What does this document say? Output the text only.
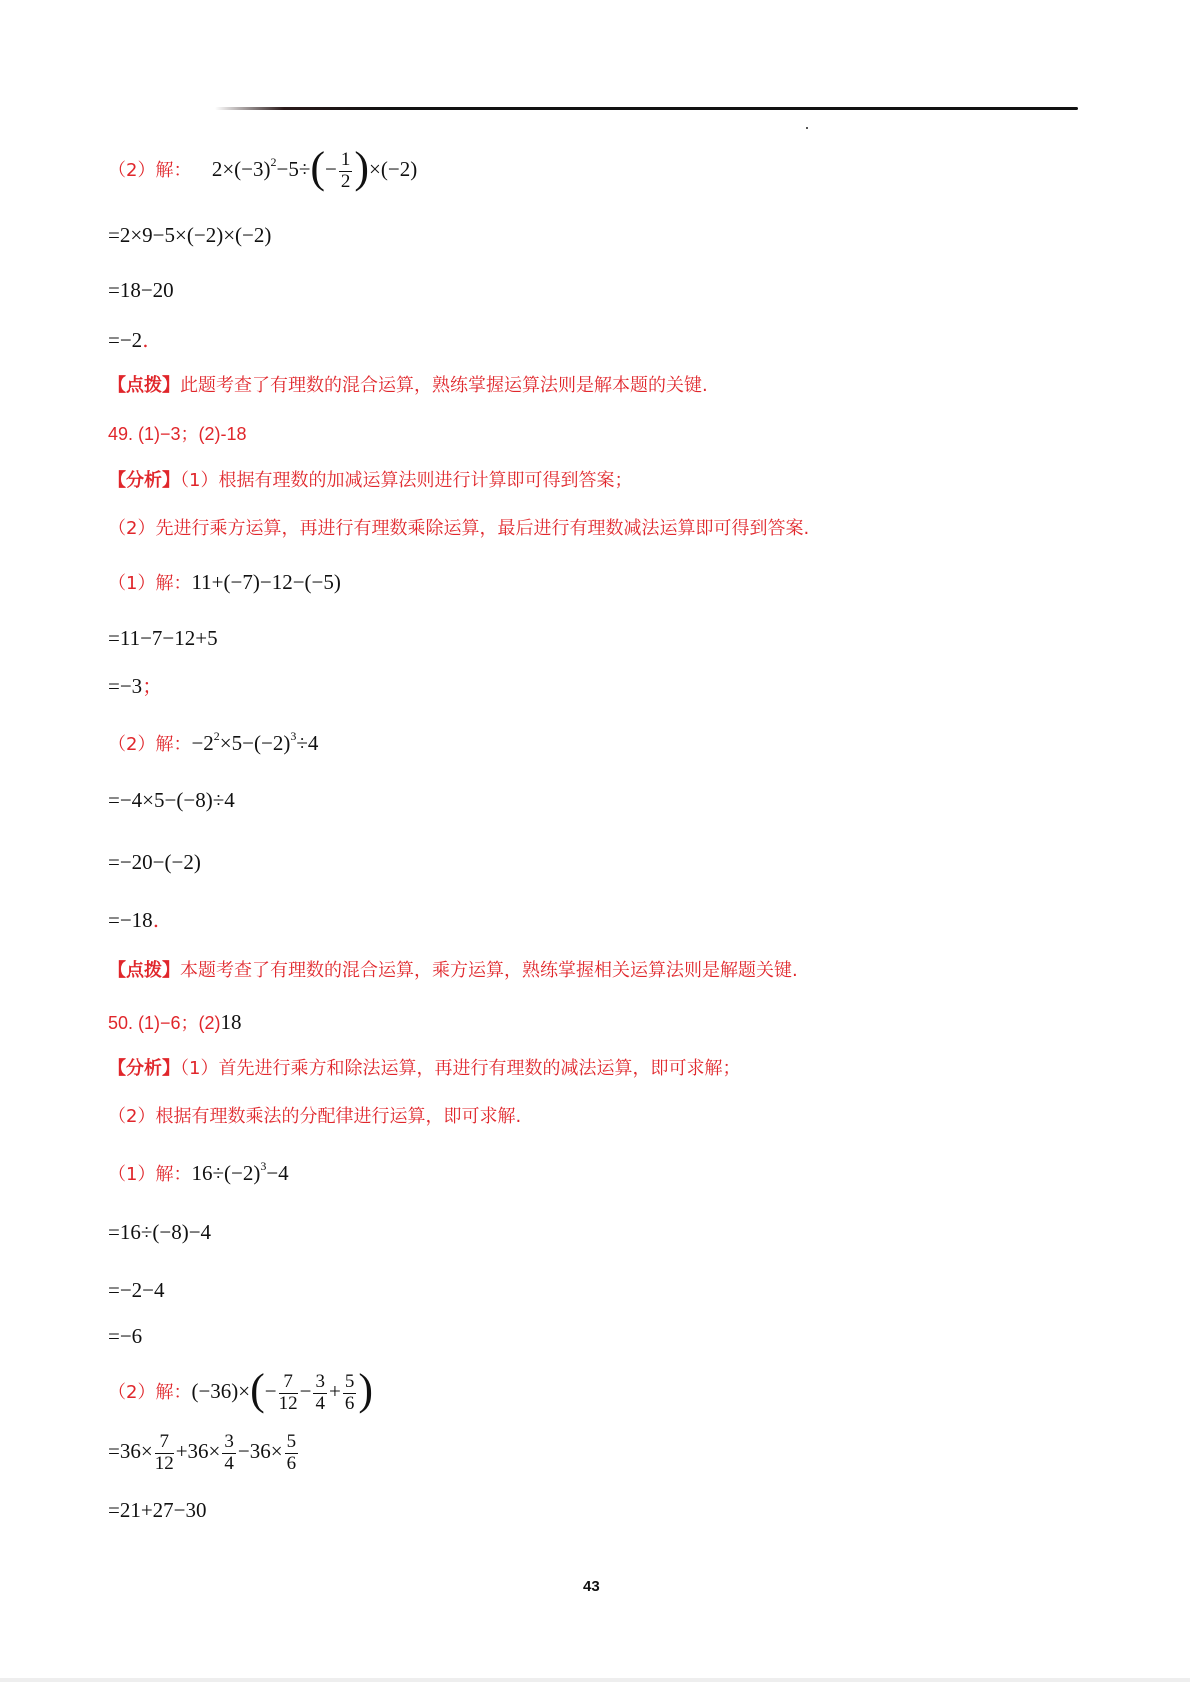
（2）解： $2\times(-3)^2-5\div(- \frac{1}{2} )\times(-2)$
=2×9−5×(−2)×(−2)
=18−20
=−2.
【点拨】此题考查了有理数的混合运算，熟练掌握运算法则是解本题的关键.
49. (1)−3；(2)-18
【分析】（1）根据有理数的加减运算法则进行计算即可得到答案；
（2）先进行乘方运算，再进行有理数乘除运算，最后进行有理数减法运算即可得到答案.
（1）解：11+(−7)−12−(−5)
=11−7−12+5
=−3；
（2）解：$-2^2\times 5-(-2)^3\div 4$
=−4×5−(−8)÷4
=−20−(−2)
=−18.
【点拨】本题考查了有理数的混合运算，乘方运算，熟练掌握相关运算法则是解题关键.
50. (1)−6；(2)18
【分析】（1）首先进行乘方和除法运算，再进行有理数的减法运算，即可求解；
（2）根据有理数乘法的分配律进行运算，即可求解.
（1）解：$16\div(-2)^3-4$
=16÷(−8)−4
=−2−4
=−6
（2）解：$(-36)\times(- \frac{7}{12} - \frac{3}{4} + \frac{5}{6}$ )
$=36\times \frac{7}{12} +36\times \frac{3}{4} -36\times \frac{5}{6}$
=21+27−30
43
